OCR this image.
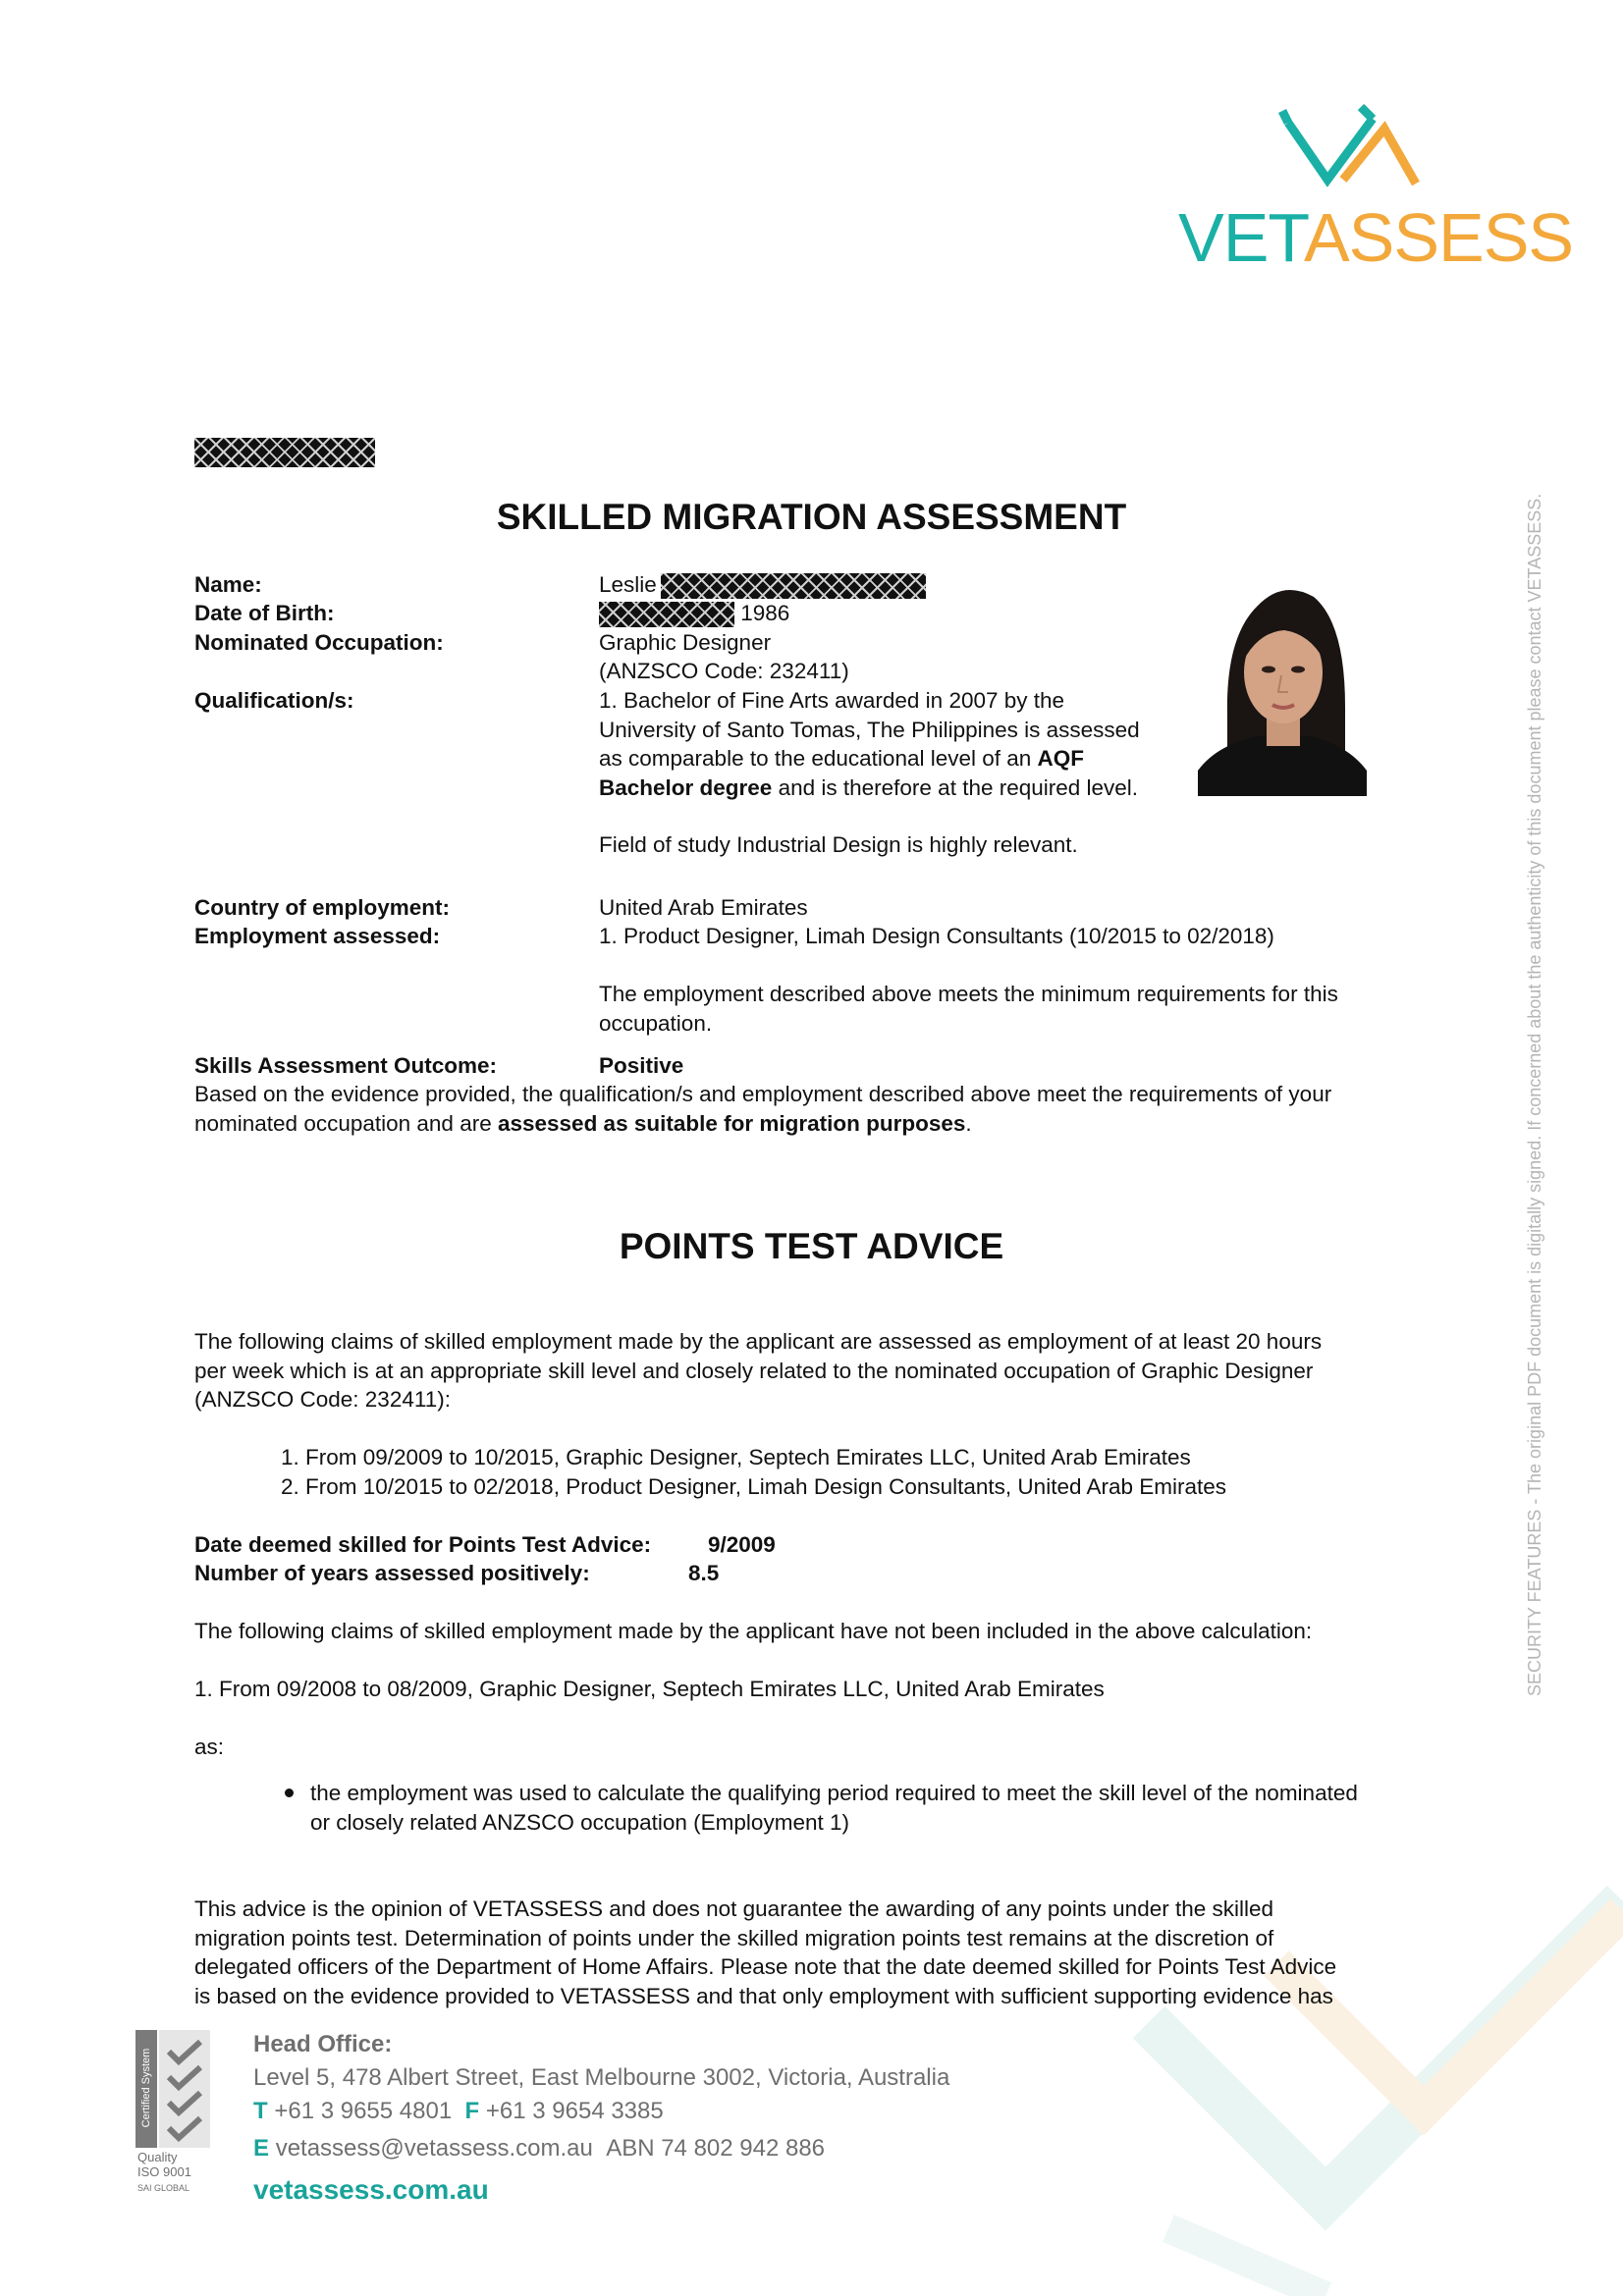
VETASSESS
SECURITY FEATURES - The original PDF document is digitally signed. If concerned about the authenticity of this document please contact VETASSESS.
SKILLED MIGRATION ASSESSMENT
Name:	Leslie
Date of Birth:	1986
Nominated Occupation:	Graphic Designer
(ANZSCO Code: 232411)
Qualification/s:	1. Bachelor of Fine Arts awarded in 2007 by the
University of Santo Tomas, The Philippines is assessed
as comparable to the educational level of an AQF
Bachelor degree and is therefore at the required level.
Field of study Industrial Design is highly relevant.
Country of employment:	United Arab Emirates
Employment assessed:	1. Product Designer, Limah Design Consultants (10/2015 to 02/2018)
The employment described above meets the minimum requirements for this
occupation.
Skills Assessment Outcome:	Positive
Based on the evidence provided, the qualification/s and employment described above meet the requirements of your
nominated occupation and are assessed as suitable for migration purposes.
POINTS TEST ADVICE
The following claims of skilled employment made by the applicant are assessed as employment of at least 20 hours
per week which is at an appropriate skill level and closely related to the nominated occupation of Graphic Designer
(ANZSCO Code: 232411):
1. From 09/2009 to 10/2015, Graphic Designer, Septech Emirates LLC, United Arab Emirates
2. From 10/2015 to 02/2018, Product Designer, Limah Design Consultants, United Arab Emirates
Date deemed skilled for Points Test Advice:	9/2009
Number of years assessed positively:	8.5
The following claims of skilled employment made by the applicant have not been included in the above calculation:
1. From 09/2008 to 08/2009, Graphic Designer, Septech Emirates LLC, United Arab Emirates
as:
the employment was used to calculate the qualifying period required to meet the skill level of the nominated
or closely related ANZSCO occupation (Employment 1)
This advice is the opinion of VETASSESS and does not guarantee the awarding of any points under the skilled
migration points test. Determination of points under the skilled migration points test remains at the discretion of
delegated officers of the Department of Home Affairs. Please note that the date deemed skilled for Points Test Advice
is based on the evidence provided to VETASSESS and that only employment with sufficient supporting evidence has
Certified System
Quality
ISO 9001
SAI GLOBAL
Head Office:
Level 5, 478 Albert Street, East Melbourne 3002, Victoria, Australia
T +61 3 9655 4801 F +61 3 9654 3385
E vetassess@vetassess.com.au ABN 74 802 942 886
vetassess.com.au
